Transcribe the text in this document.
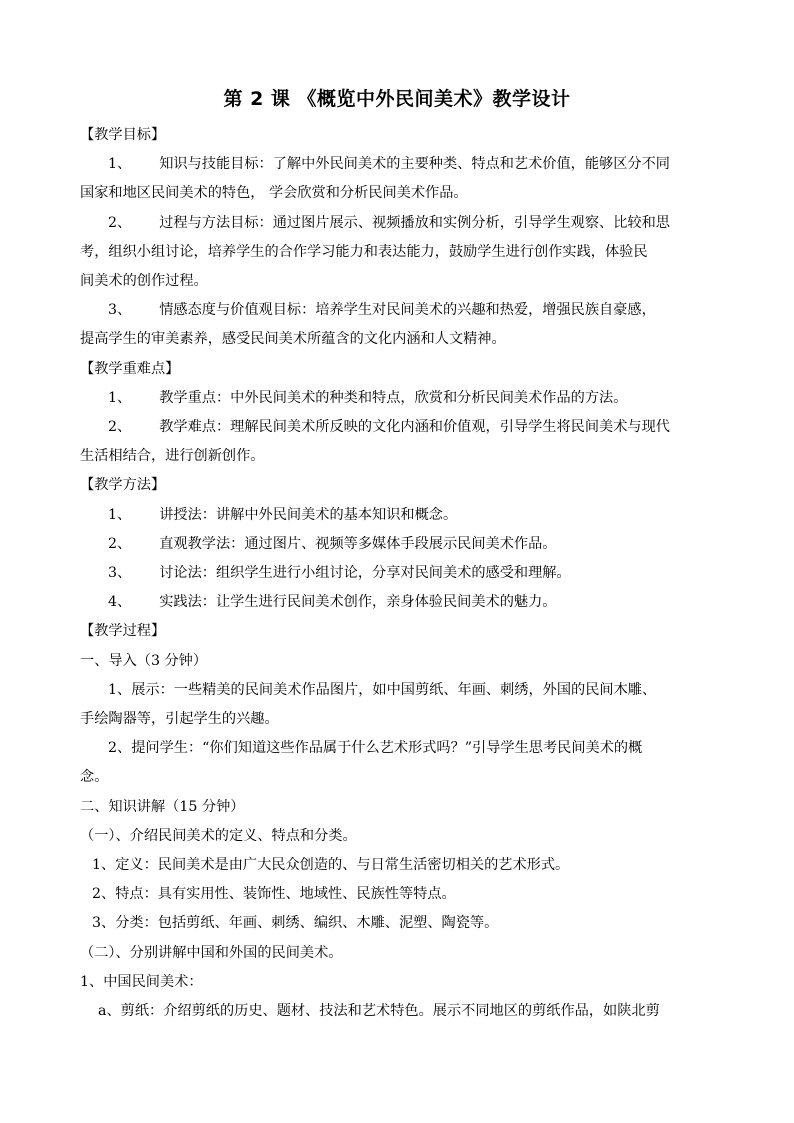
第 2 课 《概览中外民间美术》教学设计

【教学目标】

1、 知识与技能目标：了解中外民间美术的主要种类、特点和艺术价值，能够区分不同

国家和地区民间美术的特色， 学会欣赏和分析民间美术作品。

2、 过程与方法目标：通过图片展示、视频播放和实例分析，引导学生观察、比较和思

考，组织小组讨论，培养学生的合作学习能力和表达能力，鼓励学生进行创作实践，体验民

间美术的创作过程。

3、 情感态度与价值观目标：培养学生对民间美术的兴趣和热爱，增强民族自豪感，

提高学生的审美素养，感受民间美术所蕴含的文化内涵和人文精神。

【教学重难点】

1、 教学重点：中外民间美术的种类和特点，欣赏和分析民间美术作品的方法。

2、 教学难点：理解民间美术所反映的文化内涵和价值观，引导学生将民间美术与现代

生活相结合，进行创新创作。

【教学方法】

1、 讲授法：讲解中外民间美术的基本知识和概念。

2、 直观教学法：通过图片、视频等多媒体手段展示民间美术作品。

3、 讨论法：组织学生进行小组讨论，分享对民间美术的感受和理解。

4、 实践法：让学生进行民间美术创作，亲身体验民间美术的魅力。

【教学过程】

一、导入（3 分钟）

1、展示：一些精美的民间美术作品图片，如中国剪纸、年画、刺绣，外国的民间木雕、

手绘陶器等，引起学生的兴趣。

2、提问学生：“你们知道这些作品属于什么艺术形式吗？”引导学生思考民间美术的概

念。

二、知识讲解（15 分钟）

（一）、介绍民间美术的定义、特点和分类。

1、定义：民间美术是由广大民众创造的、与日常生活密切相关的艺术形式。

2、特点：具有实用性、装饰性、地域性、民族性等特点。

3、分类：包括剪纸、年画、刺绣、编织、木雕、泥塑、陶瓷等。

（二）、分别讲解中国和外国的民间美术。

1、中国民间美术：

a、剪纸：介绍剪纸的历史、题材、技法和艺术特色。展示不同地区的剪纸作品，如陕北剪
